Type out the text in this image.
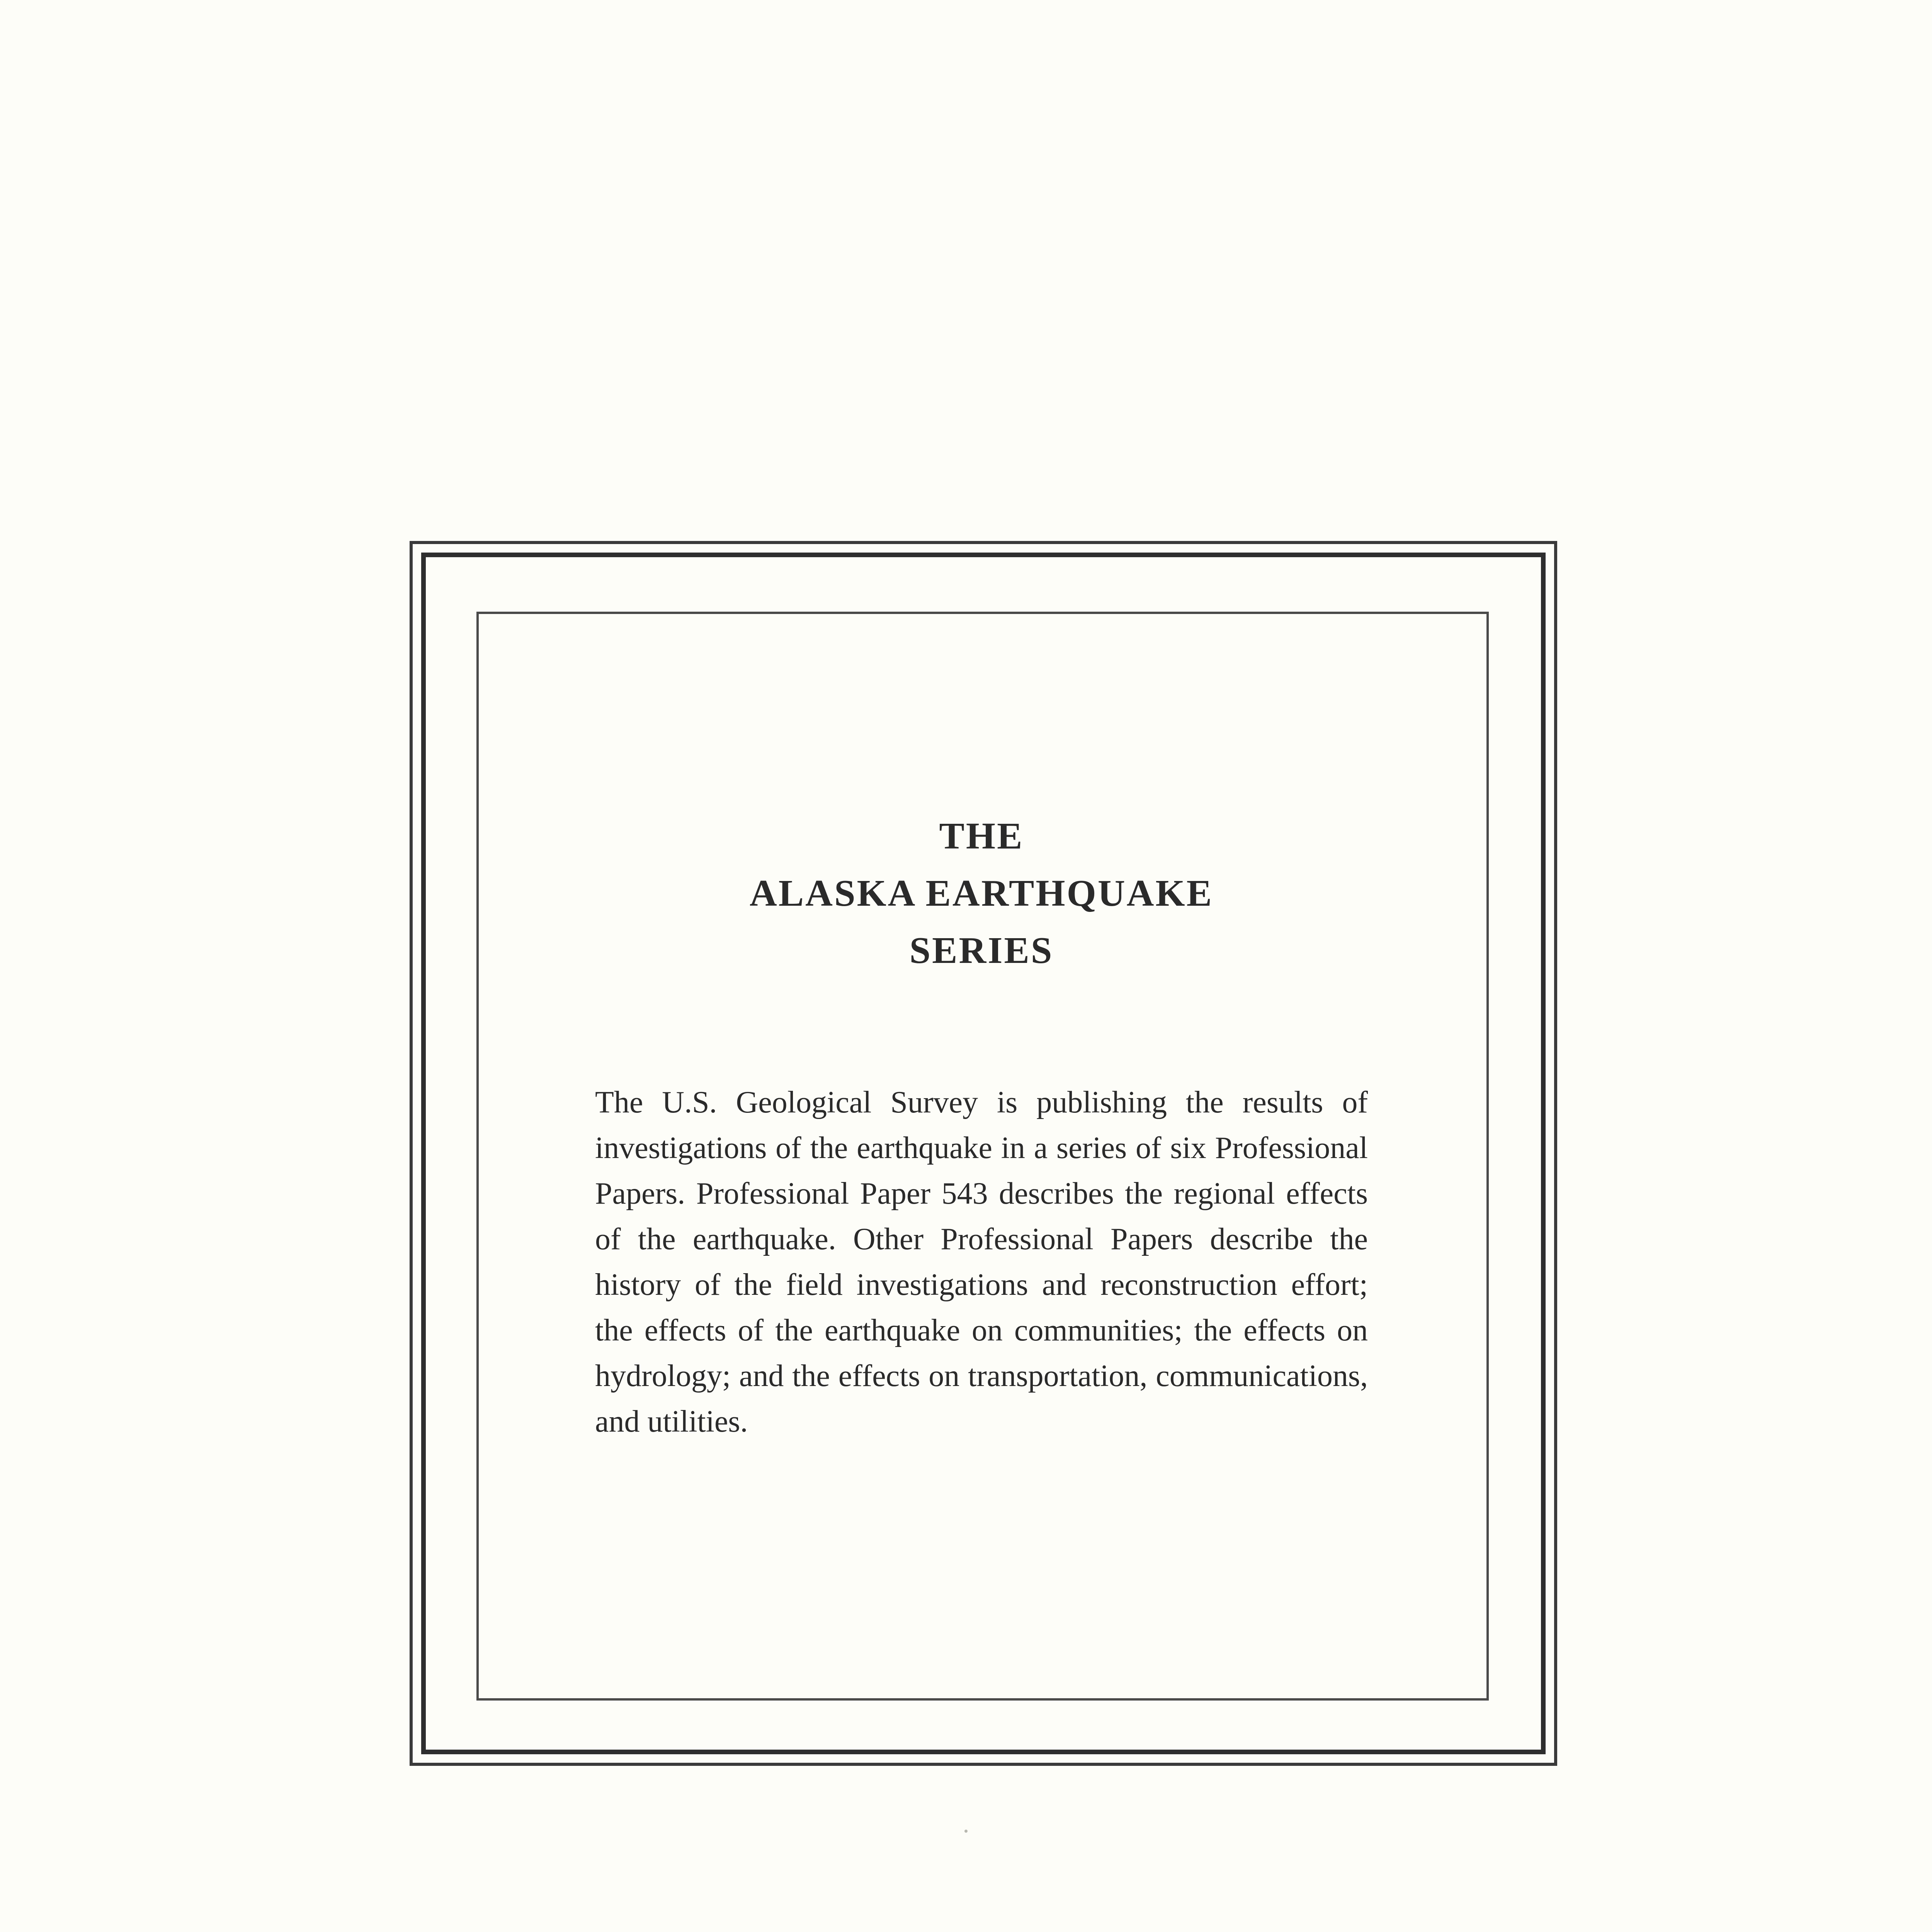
THE
ALASKA EARTHQUAKE
SERIES

The U.S. Geological Survey is publishing the results of investigations of the earthquake in a series of six Professional Papers. Professional Paper 543 describes the regional effects of the earthquake. Other Professional Papers describe the history of the field investigations and reconstruction effort; the effects of the earthquake on communities; the effects on hydrology; and the effects on transportation, communications, and utilities.
